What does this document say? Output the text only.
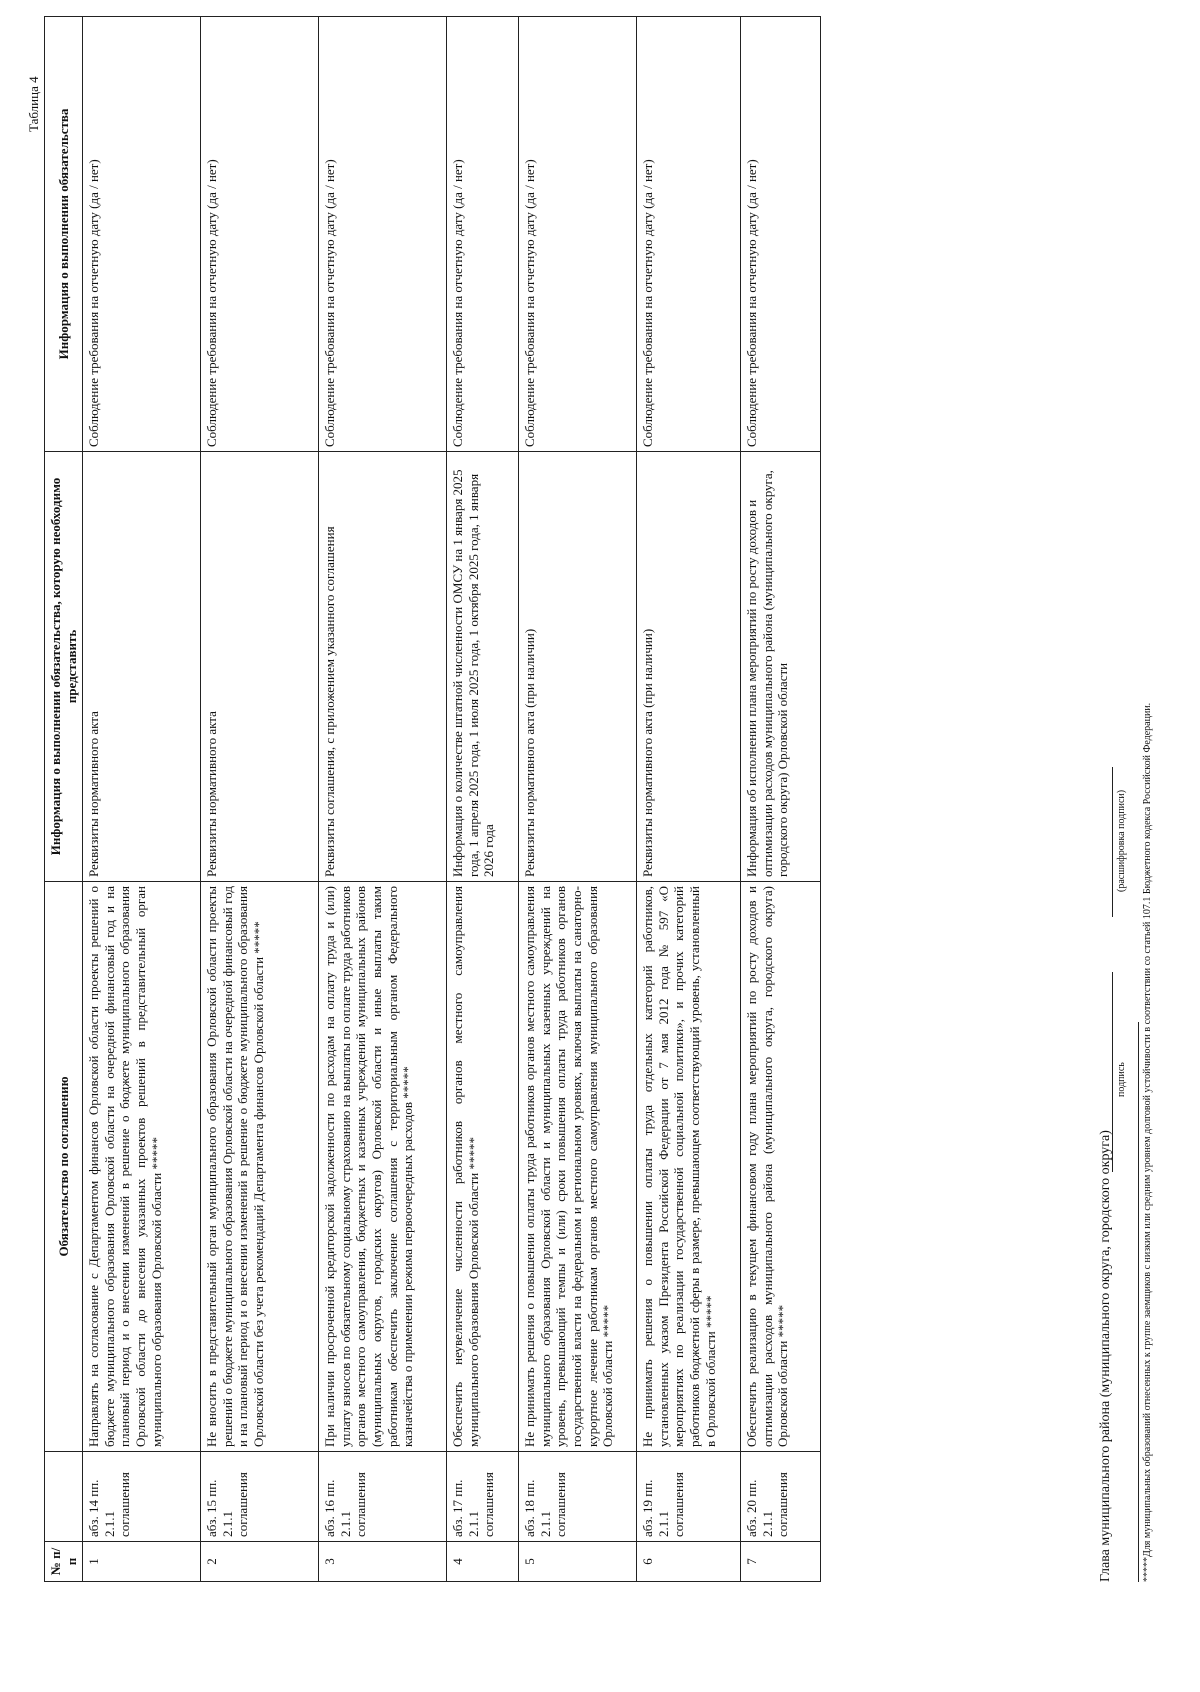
Таблица 4
№ п/п		Обязательство по соглашению	Информация о выполнении обязательства, которую необходимо представить	Информация о выполнении обязательства
1	абз. 14 пп. 2.1.1 соглашения	Направлять на согласование с Департаментом финансов Орловской области проекты решений о бюджете муниципального образования Орловской области на очередной финансовый год и на плановый период и о внесении изменений в решение о бюджете муниципального образования Орловской области до внесения указанных проектов решений в представительный орган муниципального образования Орловской области *****	Реквизиты нормативного акта	Соблюдение требования на отчетную дату (да / нет)
2	абз. 15 пп. 2.1.1 соглашения	Не вносить в представительный орган муниципального образования Орловской области проекты решений о бюджете муниципального образования Орловской области на очередной финансовый год и на плановый период и о внесении изменений в решение о бюджете муниципального образования Орловской области без учета рекомендаций Департамента финансов Орловской области *****	Реквизиты нормативного акта	Соблюдение требования на отчетную дату (да / нет)
3	абз. 16 пп. 2.1.1 соглашения	При наличии просроченной кредиторской задолженности по расходам на оплату труда и (или) уплату взносов по обязательному социальному страхованию на выплаты по оплате труда работников органов местного самоуправления, бюджетных и казенных учреждений муниципальных районов (муниципальных округов, городских округов) Орловской области и иные выплаты таким работникам обеспечить заключение соглашения с территориальным органом Федерального казначейства о применении режима первоочередных расходов *****	Реквизиты соглашения, с приложением указанного соглашения	Соблюдение требования на отчетную дату (да / нет)
4	абз. 17 пп. 2.1.1 соглашения	Обеспечить неувеличение численности работников органов местного самоуправления муниципального образования Орловской области *****	Информация о количестве штатной численности ОМСУ на 1 января 2025 года, 1 апреля 2025 года, 1 июля 2025 года, 1 октября 2025 года, 1 января 2026 года	Соблюдение требования на отчетную дату (да / нет)
5	абз. 18 пп. 2.1.1 соглашения	Не принимать решения о повышении оплаты труда работников органов местного самоуправления муниципального образования Орловской области и муниципальных казенных учреждений на уровень, превышающий темпы и (или) сроки повышения оплаты труда работников органов государственной власти на федеральном и региональном уровнях, включая выплаты на санаторно-курортное лечение работникам органов местного самоуправления муниципального образования Орловской области *****	Реквизиты нормативного акта (при наличии)	Соблюдение требования на отчетную дату (да / нет)
6	абз. 19 пп. 2.1.1 соглашения	Не принимать решения о повышении оплаты труда отдельных категорий работников, установленных указом Президента Российской Федерации от 7 мая 2012 года № 597 «О мероприятиях по реализации государственной социальной политики», и прочих категорий работников бюджетной сферы в размере, превышающем соответствующий уровень, установленный в Орловской области *****	Реквизиты нормативного акта (при наличии)	Соблюдение требования на отчетную дату (да / нет)
7	абз. 20 пп. 2.1.1 соглашения	Обеспечить реализацию в текущем финансовом году плана мероприятий по росту доходов и оптимизации расходов муниципального района (муниципального округа, городского округа) Орловской области *****	Информация об исполнении плана мероприятий по росту доходов и оптимизации расходов муниципального района (муниципального округа, городского округа) Орловской области	Соблюдение требования на отчетную дату (да / нет)
Глава муниципального района (муниципального округа, городского округа)
подпись
(расшифровка подписи) *****Для муниципальных образований отнесенных к группе заемщиков с низким или средним уровнем долговой устойчивости в соответствии со статьей 107.1 Бюджетного кодекса Российской Федерации.
